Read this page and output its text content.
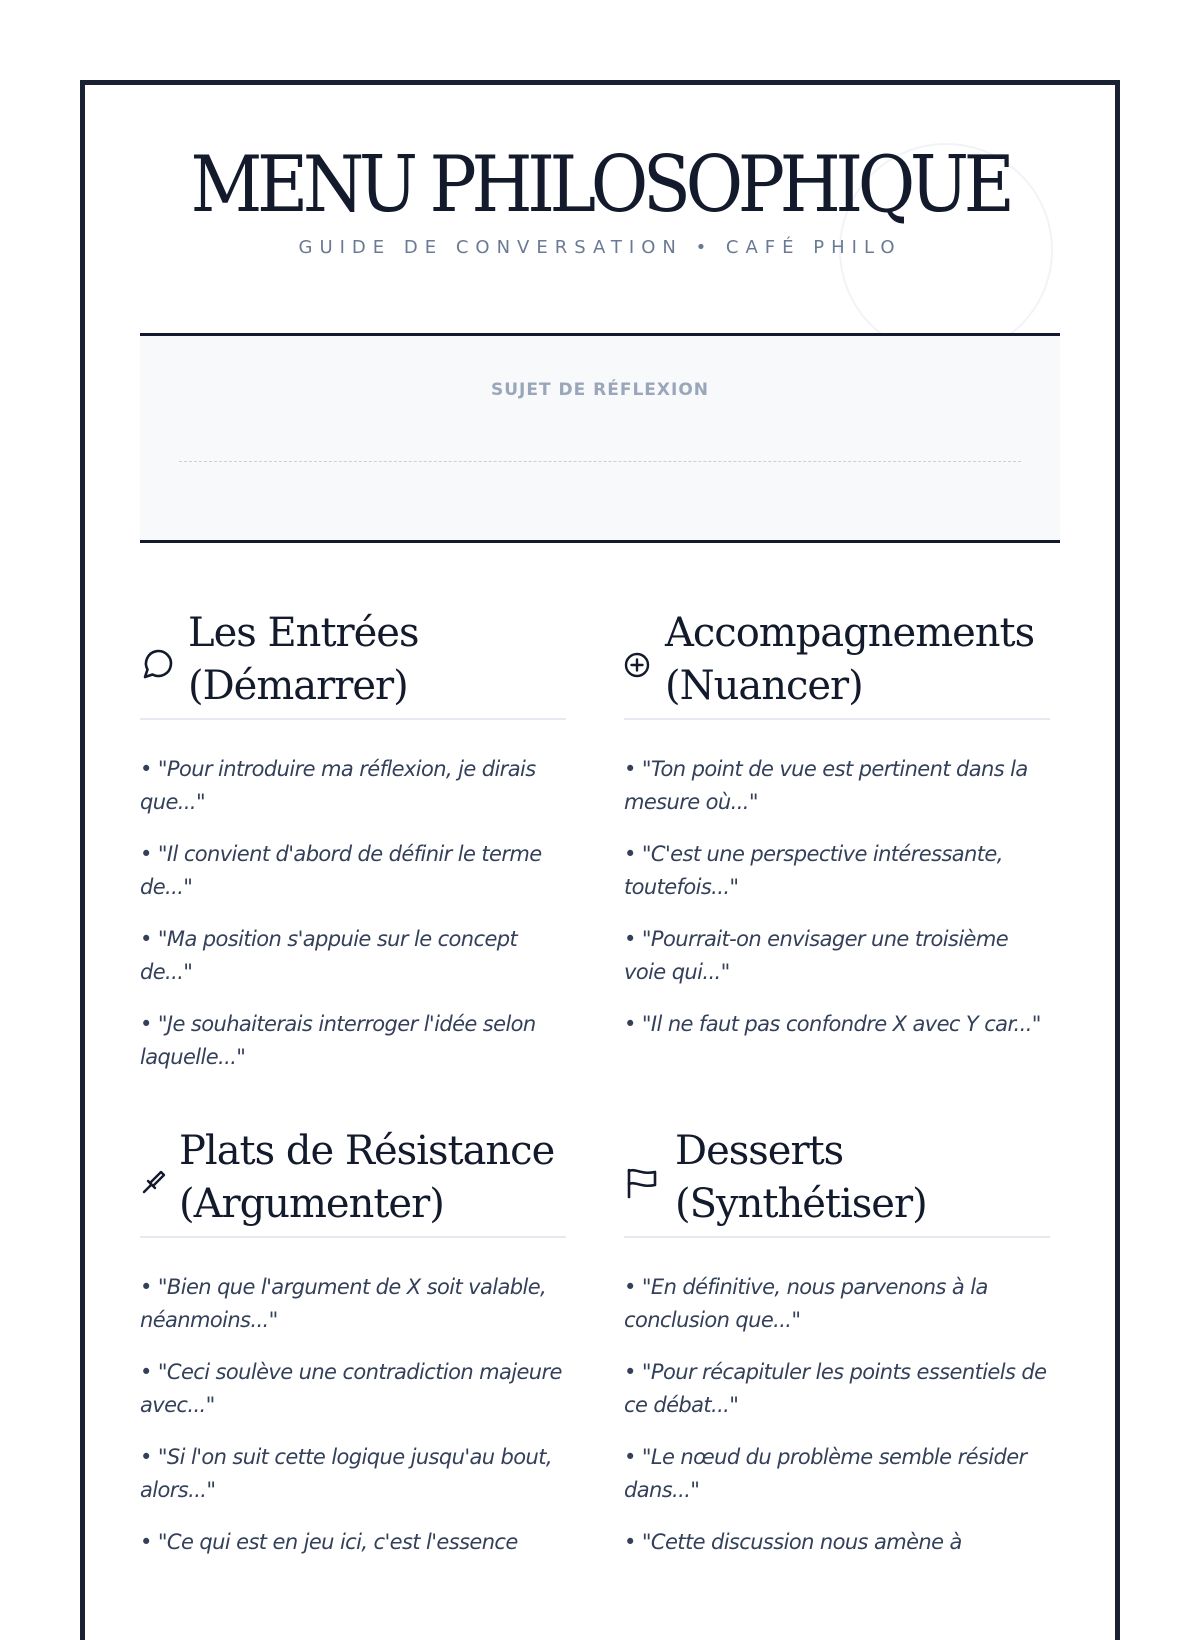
MENU PHILOSOPHIQUE
GUIDE DE CONVERSATION • CAFÉ PHILO
SUJET DE RÉFLEXION
Les Entrées
(Démarrer)
• "Pour introduire ma réflexion, je dirais que..."
• "Il convient d'abord de définir le terme de..."
• "Ma position s'appuie sur le concept de..."
• "Je souhaiterais interroger l'idée selon laquelle..."
Accompagnements
(Nuancer)
• "Ton point de vue est pertinent dans la mesure où..."
• "C'est une perspective intéressante, toutefois..."
• "Pourrait-on envisager une troisième voie qui..."
• "Il ne faut pas confondre X avec Y car..."
Plats de Résistance
(Argumenter)
• "Bien que l'argument de X soit valable, néanmoins..."
• "Ceci soulève une contradiction majeure avec..."
• "Si l'on suit cette logique jusqu'au bout, alors..."
• "Ce qui est en jeu ici, c'est l'essence
Desserts
(Synthétiser)
• "En définitive, nous parvenons à la conclusion que..."
• "Pour récapituler les points essentiels de ce débat..."
• "Le nœud du problème semble résider dans..."
• "Cette discussion nous amène à
